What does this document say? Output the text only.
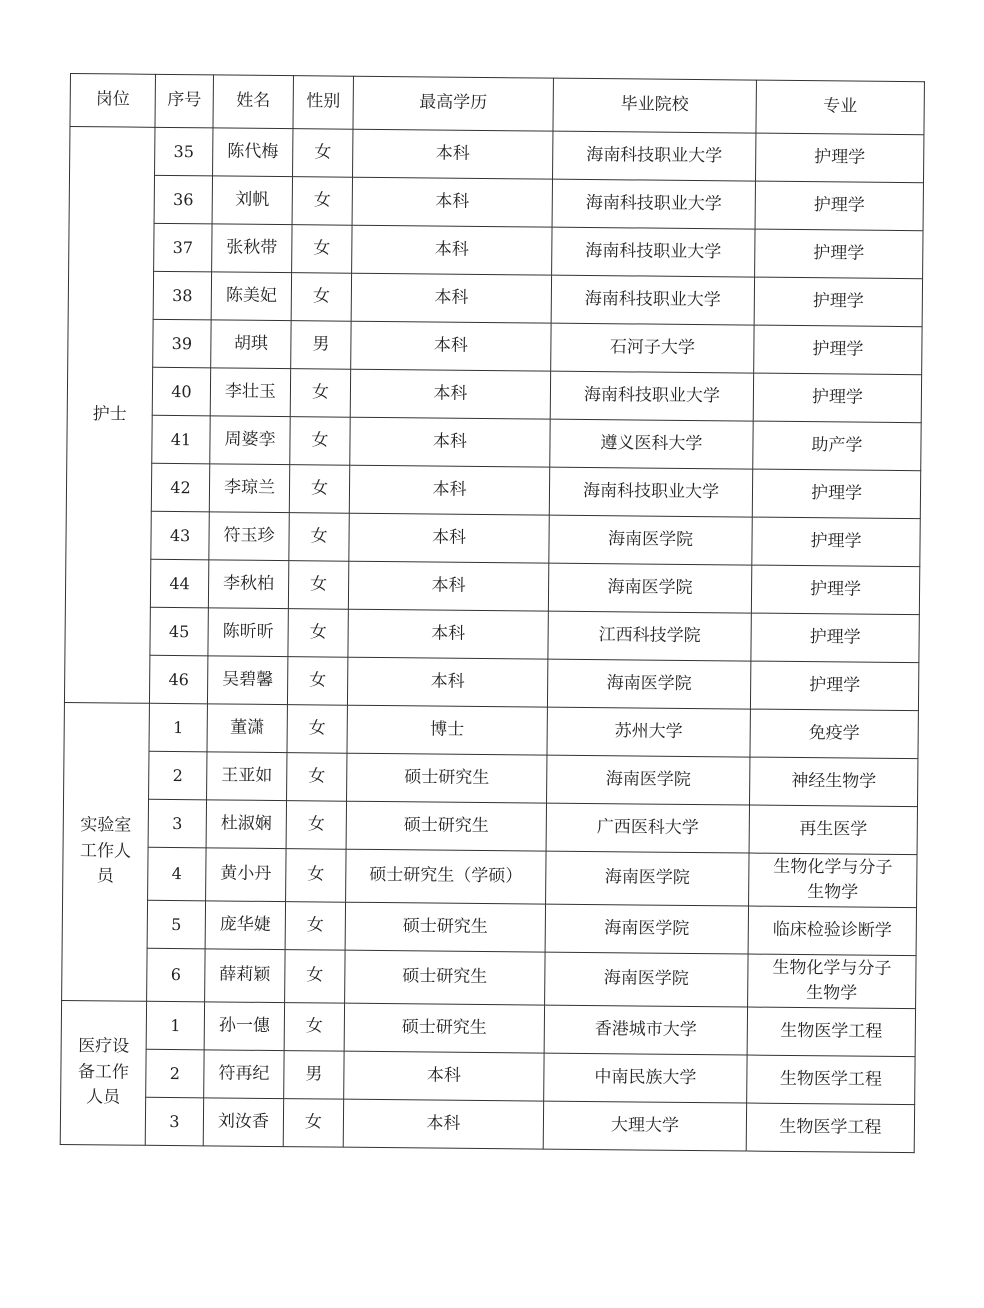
岗位	序号	姓名	性别	最高学历	毕业院校	专业

护士	35	陈代梅	女	本科	海南科技职业大学	护理学
	36	刘帆	女	本科	海南科技职业大学	护理学
	37	张秋带	女	本科	海南科技职业大学	护理学
	38	陈美妃	女	本科	海南科技职业大学	护理学
	39	胡琪	男	本科	石河子大学	护理学
	40	李壮玉	女	本科	海南科技职业大学	护理学
	41	周婆孪	女	本科	遵义医科大学	助产学
	42	李琼兰	女	本科	海南科技职业大学	护理学
	43	符玉珍	女	本科	海南医学院	护理学
	44	李秋柏	女	本科	海南医学院	护理学
	45	陈昕昕	女	本科	江西科技学院	护理学
	46	吴碧馨	女	本科	海南医学院	护理学

实验室
工作人
员	1	董潇	女	博士	苏州大学	免疫学
	2	王亚如	女	硕士研究生	海南医学院	神经生物学
	3	杜淑娴	女	硕士研究生	广西医科大学	再生医学
	4	黄小丹	女	硕士研究生（学硕）	海南医学院	生物化学与分子
生物学

	5	庞华婕	女	硕士研究生	海南医学院	临床检验诊断学
	6	薛莉颖	女	硕士研究生	海南医学院	生物化学与分子
生物学

医疗设
备工作
人员	1	孙一僡	女	硕士研究生	香港城市大学	生物医学工程
	2	符再纪	男	本科	中南民族大学	生物医学工程
	3	刘汝香	女	本科	大理大学	生物医学工程
